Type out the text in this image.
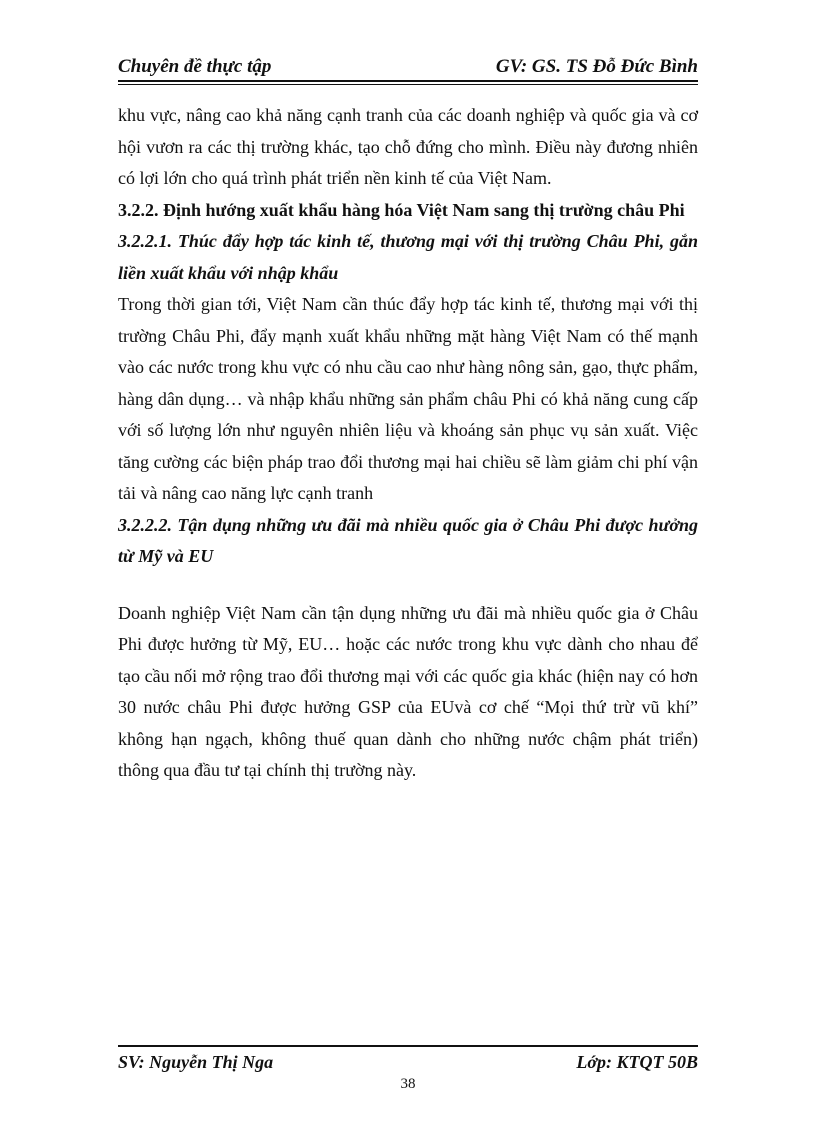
Chuyên đề thực tập	GV: GS. TS Đỗ Đức Bình

khu vực, nâng cao khả năng cạnh tranh của các doanh nghiệp và quốc gia và cơ hội vươn ra các thị trường khác, tạo chỗ đứng cho mình. Điều này đương nhiên có lợi lớn cho quá trình phát triển nền kinh tế của Việt Nam.

3.2.2. Định hướng xuất khẩu hàng hóa Việt Nam sang thị trường châu Phi

3.2.2.1. Thúc đẩy hợp tác kinh tế, thương mại với thị trường Châu Phi, gắn liền xuất khẩu với nhập khẩu

Trong thời gian tới, Việt Nam cần thúc đẩy hợp tác kinh tế, thương mại với thị trường Châu Phi, đẩy mạnh xuất khẩu những mặt hàng Việt Nam có thế mạnh vào các nước trong khu vực có nhu cầu cao như hàng nông sản, gạo, thực phẩm, hàng dân dụng… và nhập khẩu những sản phẩm châu Phi có khả năng cung cấp với số lượng lớn như nguyên nhiên liệu và khoáng sản phục vụ sản xuất. Việc tăng cường các biện pháp trao đổi thương mại hai chiều sẽ làm giảm chi phí vận tải và nâng cao năng lực cạnh tranh

3.2.2.2. Tận dụng những ưu đãi mà nhiều quốc gia ở Châu Phi được hưởng từ Mỹ và EU

Doanh nghiệp Việt Nam cần tận dụng những ưu đãi mà nhiều quốc gia ở Châu Phi được hưởng từ Mỹ, EU… hoặc các nước trong khu vực dành cho nhau để tạo cầu nối mở rộng trao đổi thương mại với các quốc gia khác (hiện nay có hơn 30 nước châu Phi được hưởng GSP của EUvà cơ chế “Mọi thứ trừ vũ khí” không hạn ngạch, không thuế quan dành cho những nước chậm phát triển) thông qua đầu tư tại chính thị trường này.

SV: Nguyễn Thị Nga	Lớp: KTQT 50B
38
